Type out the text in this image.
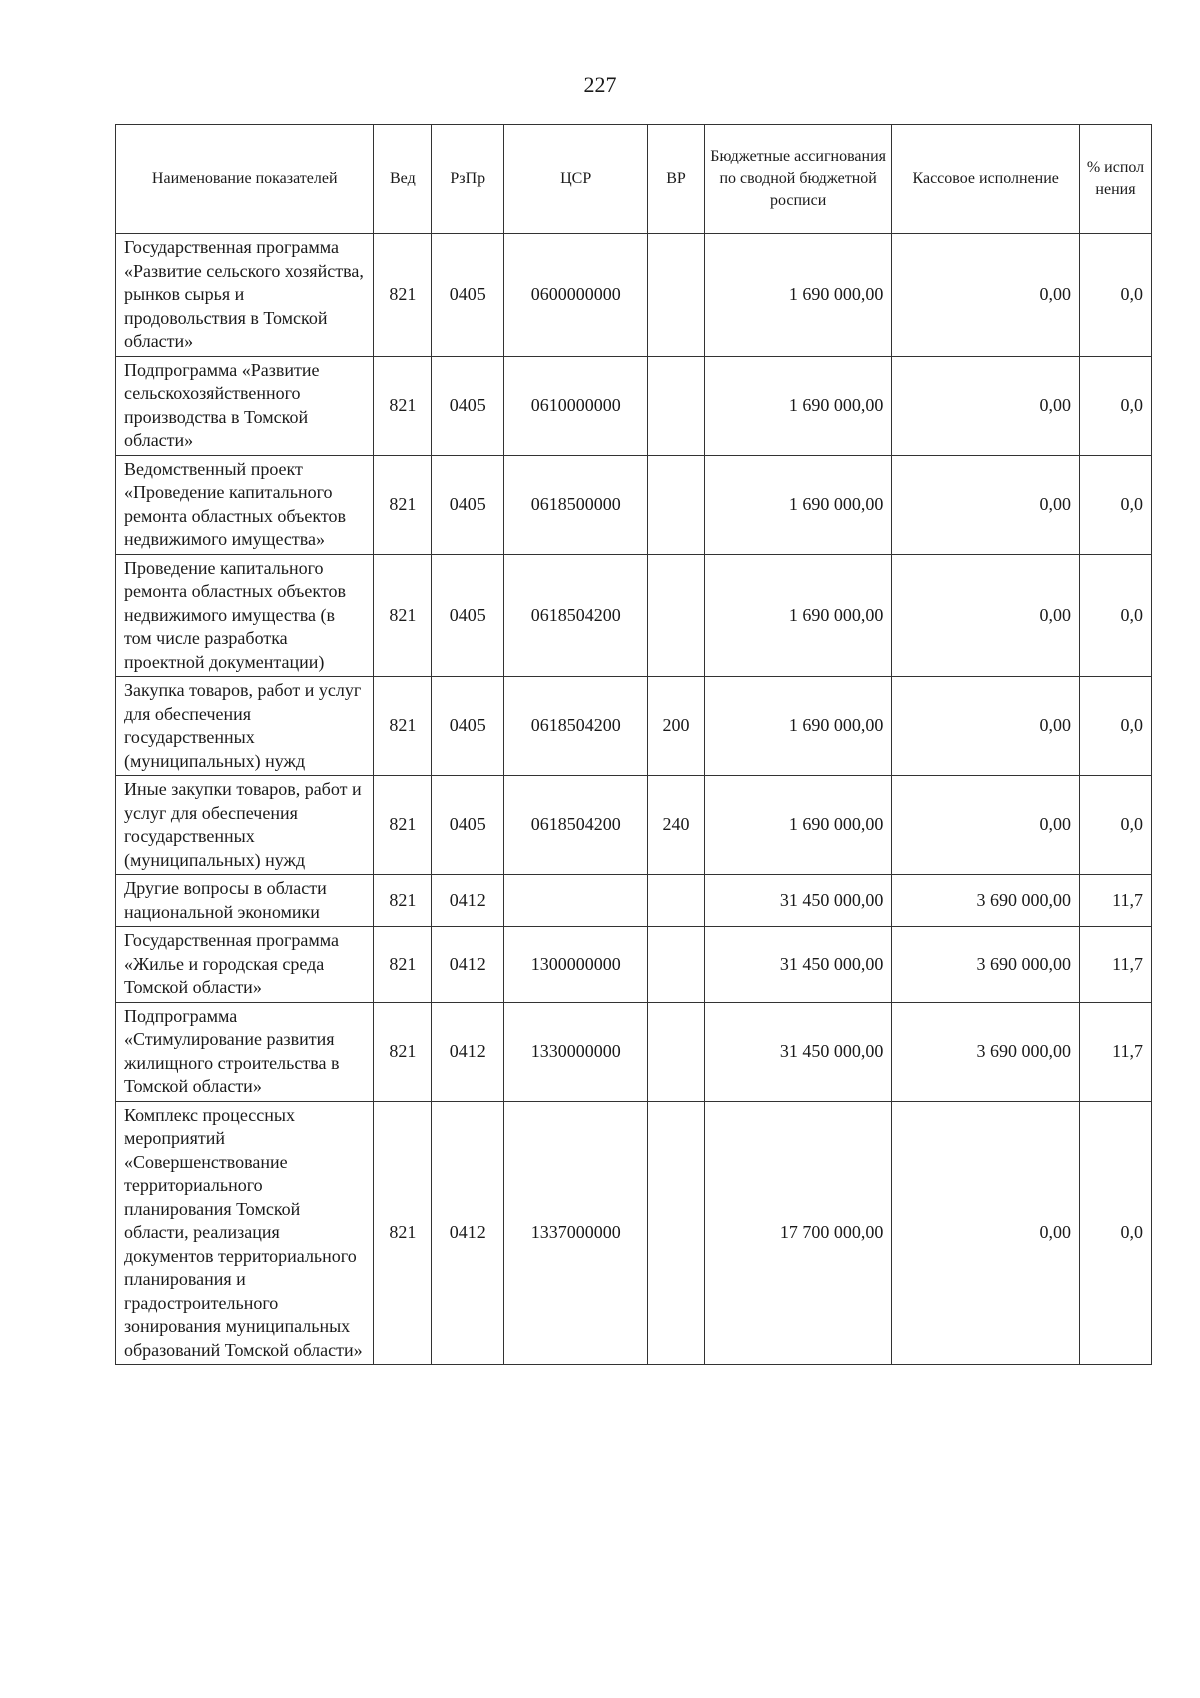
227
Наименование показателей	Вед	РзПр	ЦСР	ВР	Бюджетные ассигнования по сводной бюджетной росписи	Кассовое исполнение	% испол нения
Государственная программа «Развитие сельского хозяйства, рынков сырья и продовольствия в Томской области»	821	0405	0600000000		1 690 000,00	0,00	0,0
Подпрограмма «Развитие сельскохозяйственного производства в Томской области»	821	0405	0610000000		1 690 000,00	0,00	0,0
Ведомственный проект «Проведение капитального ремонта областных объектов недвижимого имущества»	821	0405	0618500000		1 690 000,00	0,00	0,0
Проведение капитального ремонта областных объектов недвижимого имущества (в том числе разработка проектной документации)	821	0405	0618504200		1 690 000,00	0,00	0,0
Закупка товаров, работ и услуг для обеспечения государственных (муниципальных) нужд	821	0405	0618504200	200	1 690 000,00	0,00	0,0
Иные закупки товаров, работ и услуг для обеспечения государственных (муниципальных) нужд	821	0405	0618504200	240	1 690 000,00	0,00	0,0
Другие вопросы в области национальной экономики	821	0412			31 450 000,00	3 690 000,00	11,7
Государственная программа «Жилье и городская среда Томской области»	821	0412	1300000000		31 450 000,00	3 690 000,00	11,7
Подпрограмма «Стимулирование развития жилищного строительства в Томской области»	821	0412	1330000000		31 450 000,00	3 690 000,00	11,7
Комплекс процессных мероприятий «Совершенствование территориального планирования Томской области, реализация документов территориального планирования и градостроительного зонирования муниципальных образований Томской области»	821	0412	1337000000		17 700 000,00	0,00	0,0
